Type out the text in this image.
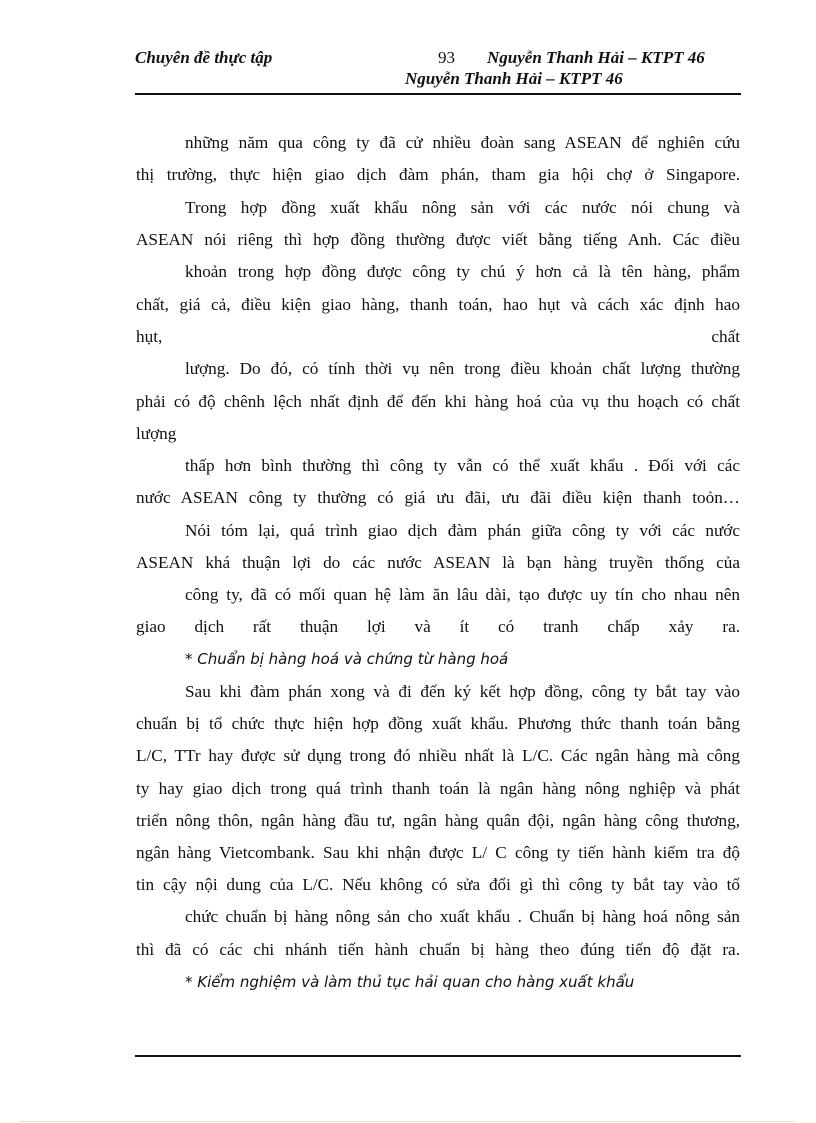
Chuyên đề thực tập	93 Nguyễn Thanh Hải – KTPT 46
Nguyễn Thanh Hải – KTPT 46
những năm qua công ty đã cử nhiều đoàn sang ASEAN để nghiên cứu
thị trường, thực hiện giao dịch đàm phán, tham gia hội chợ ở Singapore.
Trong hợp đồng xuất khẩu nông sản với các nước nói chung và
ASEAN nói riêng thì hợp đồng thường được viết bằng tiếng Anh. Các điều
khoản trong hợp đồng được công ty chú ý hơn cả là tên hàng, phẩm
chất, giá cả, điều kiện giao hàng, thanh toán, hao hụt và cách xác định hao
hụt,	chất
lượng. Do đó, có tính thời vụ nên trong điều khoản chất lượng thường
phải có độ chênh lệch nhất định để đến khi hàng hoá của vụ thu hoạch có chất
lượng
thấp hơn bình thường thì công ty vẫn có thể xuất khẩu . Đối với các
nước ASEAN công ty thường có giá ưu đãi, ưu đãi điều kiện thanh toỏn…
Nói tóm lại, quá trình giao dịch đàm phán giữa công ty với các nước
ASEAN khá thuận lợi do các nước ASEAN là bạn hàng truyền thống của
công ty, đã có mối quan hệ làm ăn lâu dài, tạo được uy tín cho nhau nên
giao dịch rất thuận lợi và ít có tranh chấp xảy ra.
* Chuẩn bị hàng hoá và chứng từ hàng hoá
Sau khi đàm phán xong và đi đến ký kết hợp đồng, công ty bắt tay vào
chuẩn bị tổ chức thực hiện hợp đồng xuất khẩu. Phương thức thanh toán bằng
L/C, TTr hay được sử dụng trong đó nhiều nhất là L/C. Các ngân hàng mà công
ty hay giao dịch trong quá trình thanh toán là ngân hàng nông nghiệp và phát
triển nông thôn, ngân hàng đầu tư, ngân hàng quân đội, ngân hàng công thương,
ngân hàng Vietcombank. Sau khi nhận được L/ C công ty tiến hành kiểm tra độ
tin cậy nội dung của L/C. Nếu không có sửa đổi gì thì công ty bắt tay vào tổ
chức chuẩn bị hàng nông sản cho xuất khẩu . Chuẩn bị hàng hoá nông sản
thì đã có các chi nhánh tiến hành chuẩn bị hàng theo đúng tiến độ đặt ra.
* Kiểm nghiệm và làm thủ tục hải quan cho hàng xuất khẩu
